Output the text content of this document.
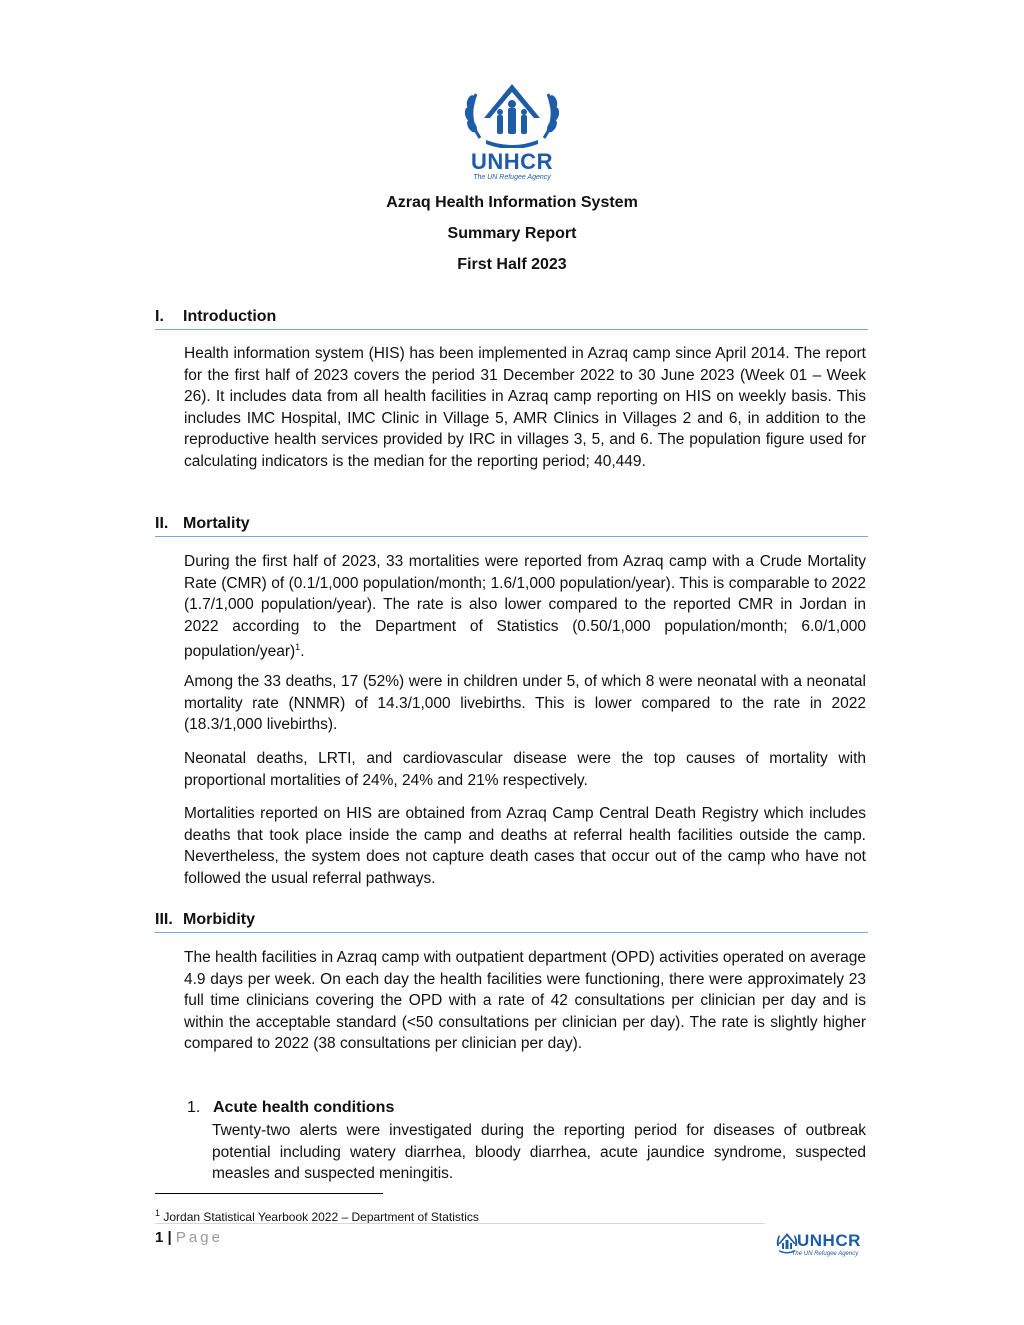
UNHCR
The UN Refugee Agency
Azraq Health Information System
Summary Report
First Half 2023
I. Introduction

Health information system (HIS) has been implemented in Azraq camp since April 2014. The report for the first half of 2023 covers the period 31 December 2022 to 30 June 2023 (Week 01 – Week 26). It includes data from all health facilities in Azraq camp reporting on HIS on weekly basis. This includes IMC Hospital, IMC Clinic in Village 5, AMR Clinics in Villages 2 and 6, in addition to the reproductive health services provided by IRC in villages 3, 5, and 6. The population figure used for calculating indicators is the median for the reporting period; 40,449.

II. Mortality

During the first half of 2023, 33 mortalities were reported from Azraq camp with a Crude Mortality Rate (CMR) of (0.1/1,000 population/month; 1.6/1,000 population/year). This is comparable to 2022 (1.7/1,000 population/year). The rate is also lower compared to the reported CMR in Jordan in 2022 according to the Department of Statistics (0.50/1,000 population/month; 6.0/1,000 population/year)$^1$.

Among the 33 deaths, 17 (52%) were in children under 5, of which 8 were neonatal with a neonatal mortality rate (NNMR) of 14.3/1,000 livebirths. This is lower compared to the rate in 2022 (18.3/1,000 livebirths).

Neonatal deaths, LRTI, and cardiovascular disease were the top causes of mortality with proportional mortalities of 24%, 24% and 21% respectively.

Mortalities reported on HIS are obtained from Azraq Camp Central Death Registry which includes deaths that took place inside the camp and deaths at referral health facilities outside the camp. Nevertheless, the system does not capture death cases that occur out of the camp who have not followed the usual referral pathways.

III. Morbidity

The health facilities in Azraq camp with outpatient department (OPD) activities operated on average 4.9 days per week. On each day the health facilities were functioning, there were approximately 23 full time clinicians covering the OPD with a rate of 42 consultations per clinician per day and is within the acceptable standard (<50 consultations per clinician per day). The rate is slightly higher compared to 2022 (38 consultations per clinician per day).

1. Acute health conditions

Twenty-two alerts were investigated during the reporting period for diseases of outbreak potential including watery diarrhea, bloody diarrhea, acute jaundice syndrome, suspected measles and suspected meningitis.

$^1$ Jordan Statistical Yearbook 2022 – Department of Statistics
1 | Page	UNHCR
The UN Refugee Agency
